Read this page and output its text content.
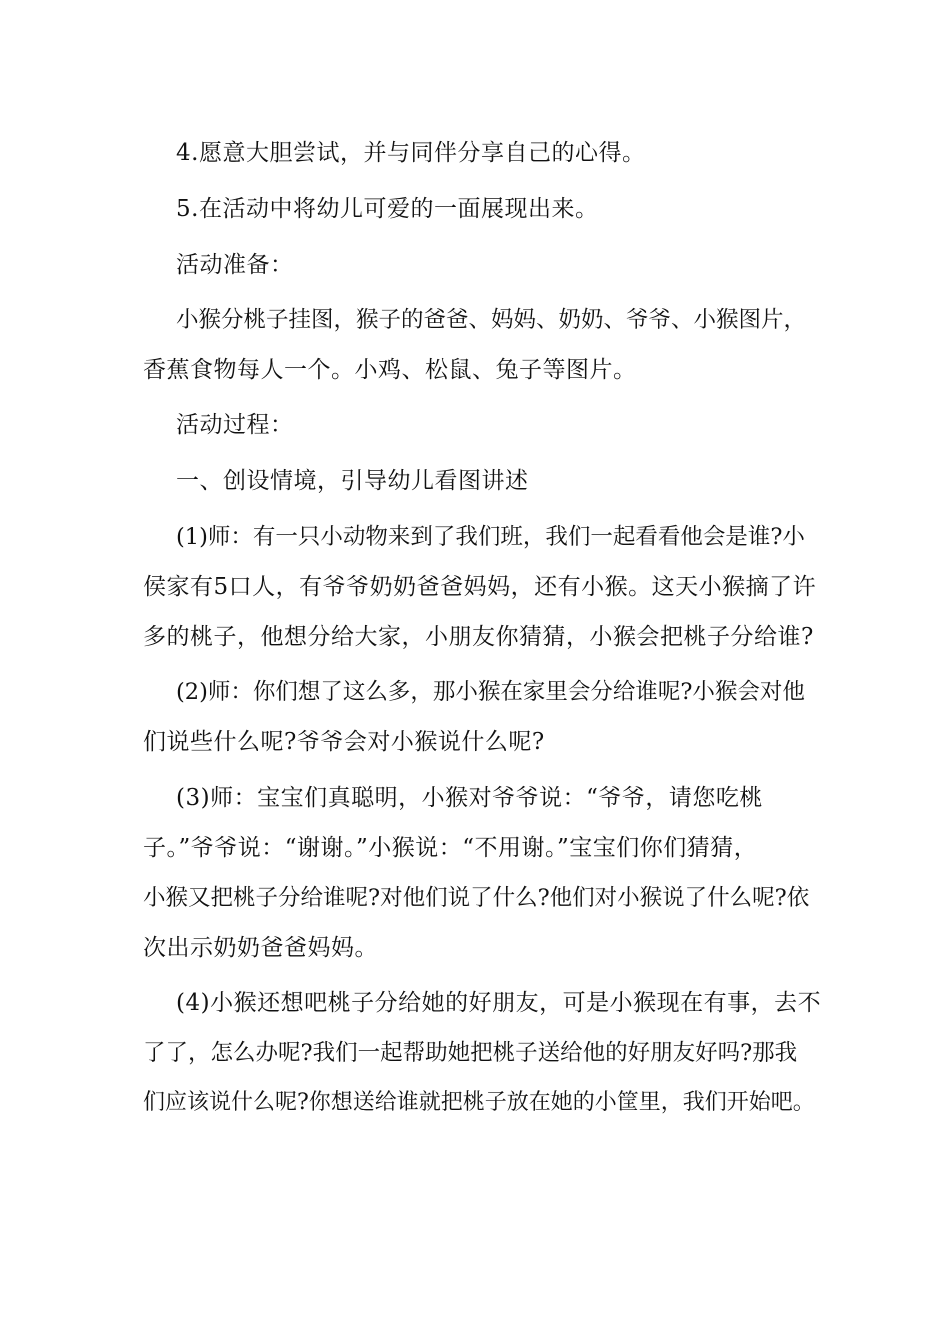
4.愿意大胆尝试，并与同伴分享自己的心得。
5.在活动中将幼儿可爱的一面展现出来。
活动准备：
小猴分桃子挂图，猴子的爸爸、妈妈、奶奶、爷爷、小猴图片，
香蕉食物每人一个。小鸡、松鼠、兔子等图片。
活动过程：
一、创设情境，引导幼儿看图讲述
(1)师：有一只小动物来到了我们班，我们一起看看他会是谁?小
侯家有5口人，有爷爷奶奶爸爸妈妈，还有小猴。这天小猴摘了许
多的桃子，他想分给大家，小朋友你猜猜，小猴会把桃子分给谁?
(2)师：你们想了这么多，那小猴在家里会分给谁呢?小猴会对他
们说些什么呢?爷爷会对小猴说什么呢?
(3)师：宝宝们真聪明，小猴对爷爷说：“爷爷，请您吃桃
子。”爷爷说：“谢谢。”小猴说：“不用谢。”宝宝们你们猜猜，
小猴又把桃子分给谁呢?对他们说了什么?他们对小猴说了什么呢?依
次出示奶奶爸爸妈妈。
(4)小猴还想吧桃子分给她的好朋友，可是小猴现在有事，去不
了了，怎么办呢?我们一起帮助她把桃子送给他的好朋友好吗?那我
们应该说什么呢?你想送给谁就把桃子放在她的小筐里，我们开始吧。
